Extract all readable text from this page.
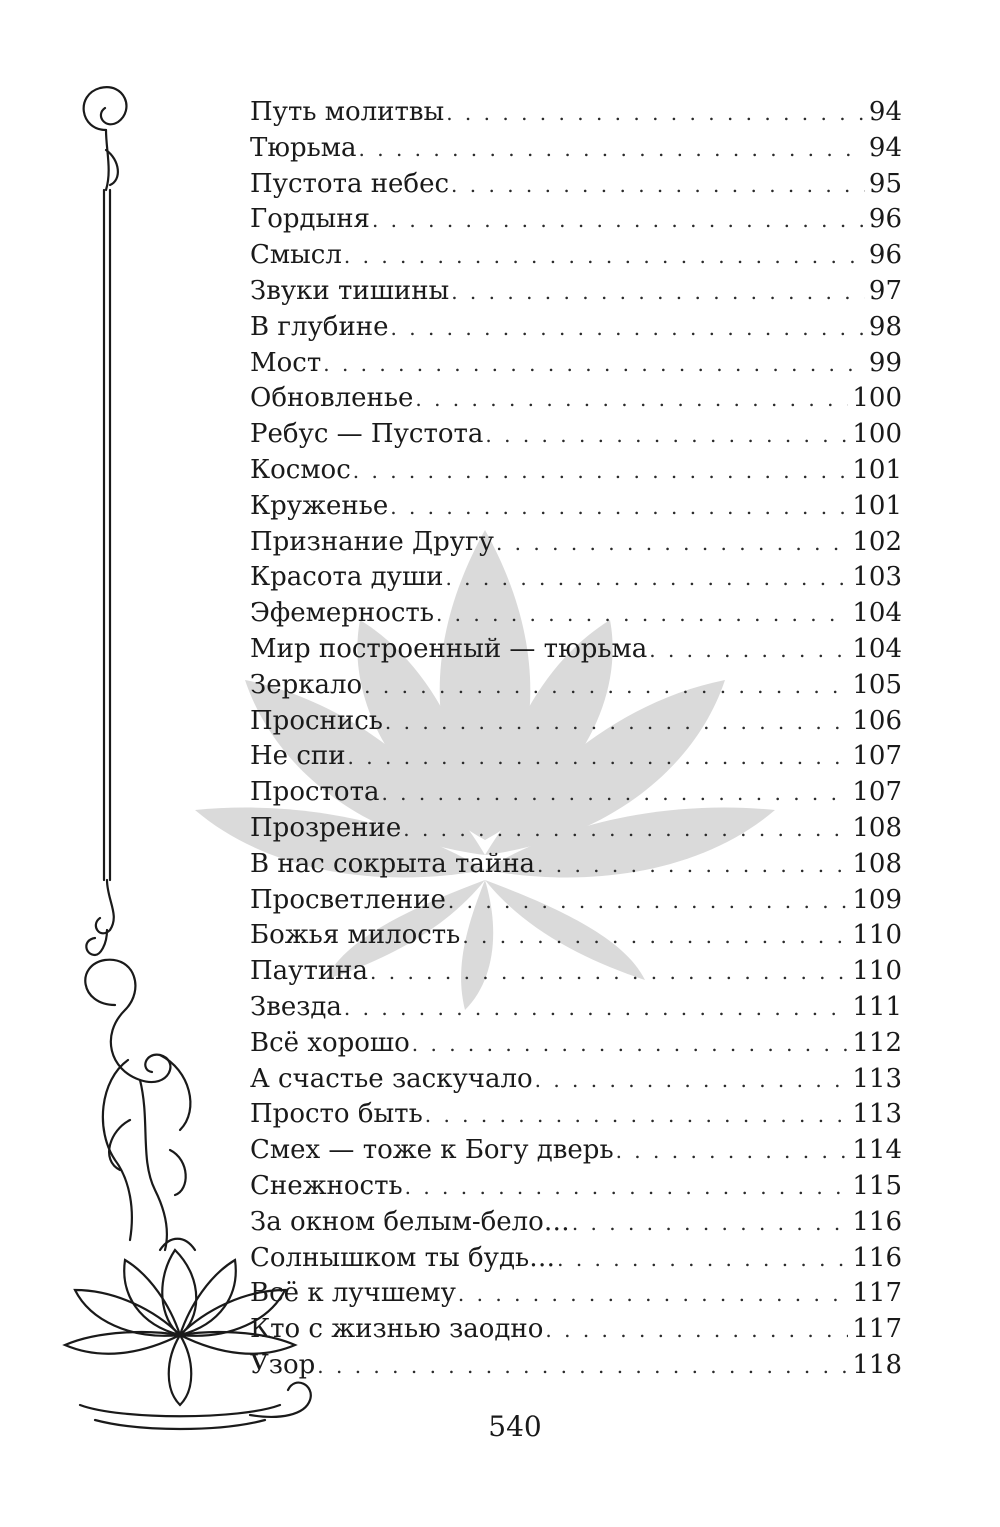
Путь молитвы . . .	94
Тюрьма . . .	94
Пустота небес . . .	95
Гордыня . . .	96
Смысл . . .	96
Звуки тишины . . .	97
В глубине . . .	98
Мост . . .	99
Обновленье . . .	100
Ребус — Пустота . . .	100
Космос . . .	101
Круженье . . .	101
Признание Другу . . .	102
Красота души . . .	103
Эфемерность . . .	104
Мир построенный — тюрьма . . .	104
Зеркало . . .	105
Проснись . . .	106
Не спи . . .	107
Простота . . .	107
Прозрение . . .	108
В нас сокрыта тайна . . .	108
Просветление . . .	109
Божья милость . . .	110
Паутина . . .	110
Звезда . . .	111
Всё хорошо . . .	112
А счастье заскучало . . .	113
Просто быть . . .	113
Смех — тоже к Богу дверь . . .	114
Снежность . . .	115
За окном белым-бело… . . .	116
Солнышком ты будь… . . .	116
Всё к лучшему . . .	117
Кто с жизнью заодно . . .	117
Узор . . .	118
540
